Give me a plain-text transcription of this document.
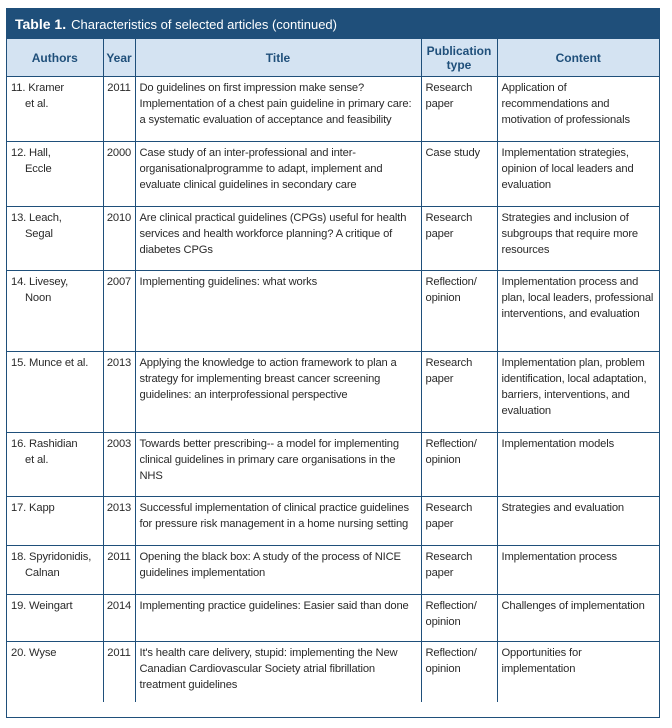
Table 1. Characteristics of selected articles (continued)
Authors	Year	Title	Publication type	Content
11. Kramer
et al.	2011	Do guidelines on first impression make sense? Implementation of a chest pain guideline in primary care: a systematic evaluation of acceptance and feasibility	Research paper	Application of recommendations and motivation of professionals
12. Hall,
Eccle	2000	Case study of an inter-professional and inter-organisationalprogramme to adapt, implement and evaluate clinical guidelines in secondary care	Case study	Implementation strategies, opinion of local leaders and evaluation
13. Leach,
Segal	2010	Are clinical practical guidelines (CPGs) useful for health services and health workforce planning? A critique of diabetes CPGs	Research paper	Strategies and inclusion of subgroups that require more resources
14. Livesey,
Noon	2007	Implementing guidelines: what works	Reflection/ opinion	Implementation process and plan, local leaders, professional interventions, and evaluation
15. Munce et al.	2013	Applying the knowledge to action framework to plan a strategy for implementing breast cancer screening guidelines: an interprofessional perspective	Research paper	Implementation plan, problem identification, local adaptation, barriers, interventions, and evaluation
16. Rashidian
et al.	2003	Towards better prescribing-- a model for implementing clinical guidelines in primary care organisations in the NHS	Reflection/ opinion	Implementation models
17. Kapp	2013	Successful implementation of clinical practice guidelines for pressure risk management in a home nursing setting	Research paper	Strategies and evaluation
18. Spyridonidis,
Calnan	2011	Opening the black box: A study of the process of NICE guidelines implementation	Research paper	Implementation process
19. Weingart	2014	Implementing practice guidelines: Easier said than done	Reflection/ opinion	Challenges of implementation
20. Wyse	2011	It's health care delivery, stupid: implementing the New Canadian Cardiovascular Society atrial fibrillation treatment guidelines	Reflection/ opinion	Opportunities for implementation
